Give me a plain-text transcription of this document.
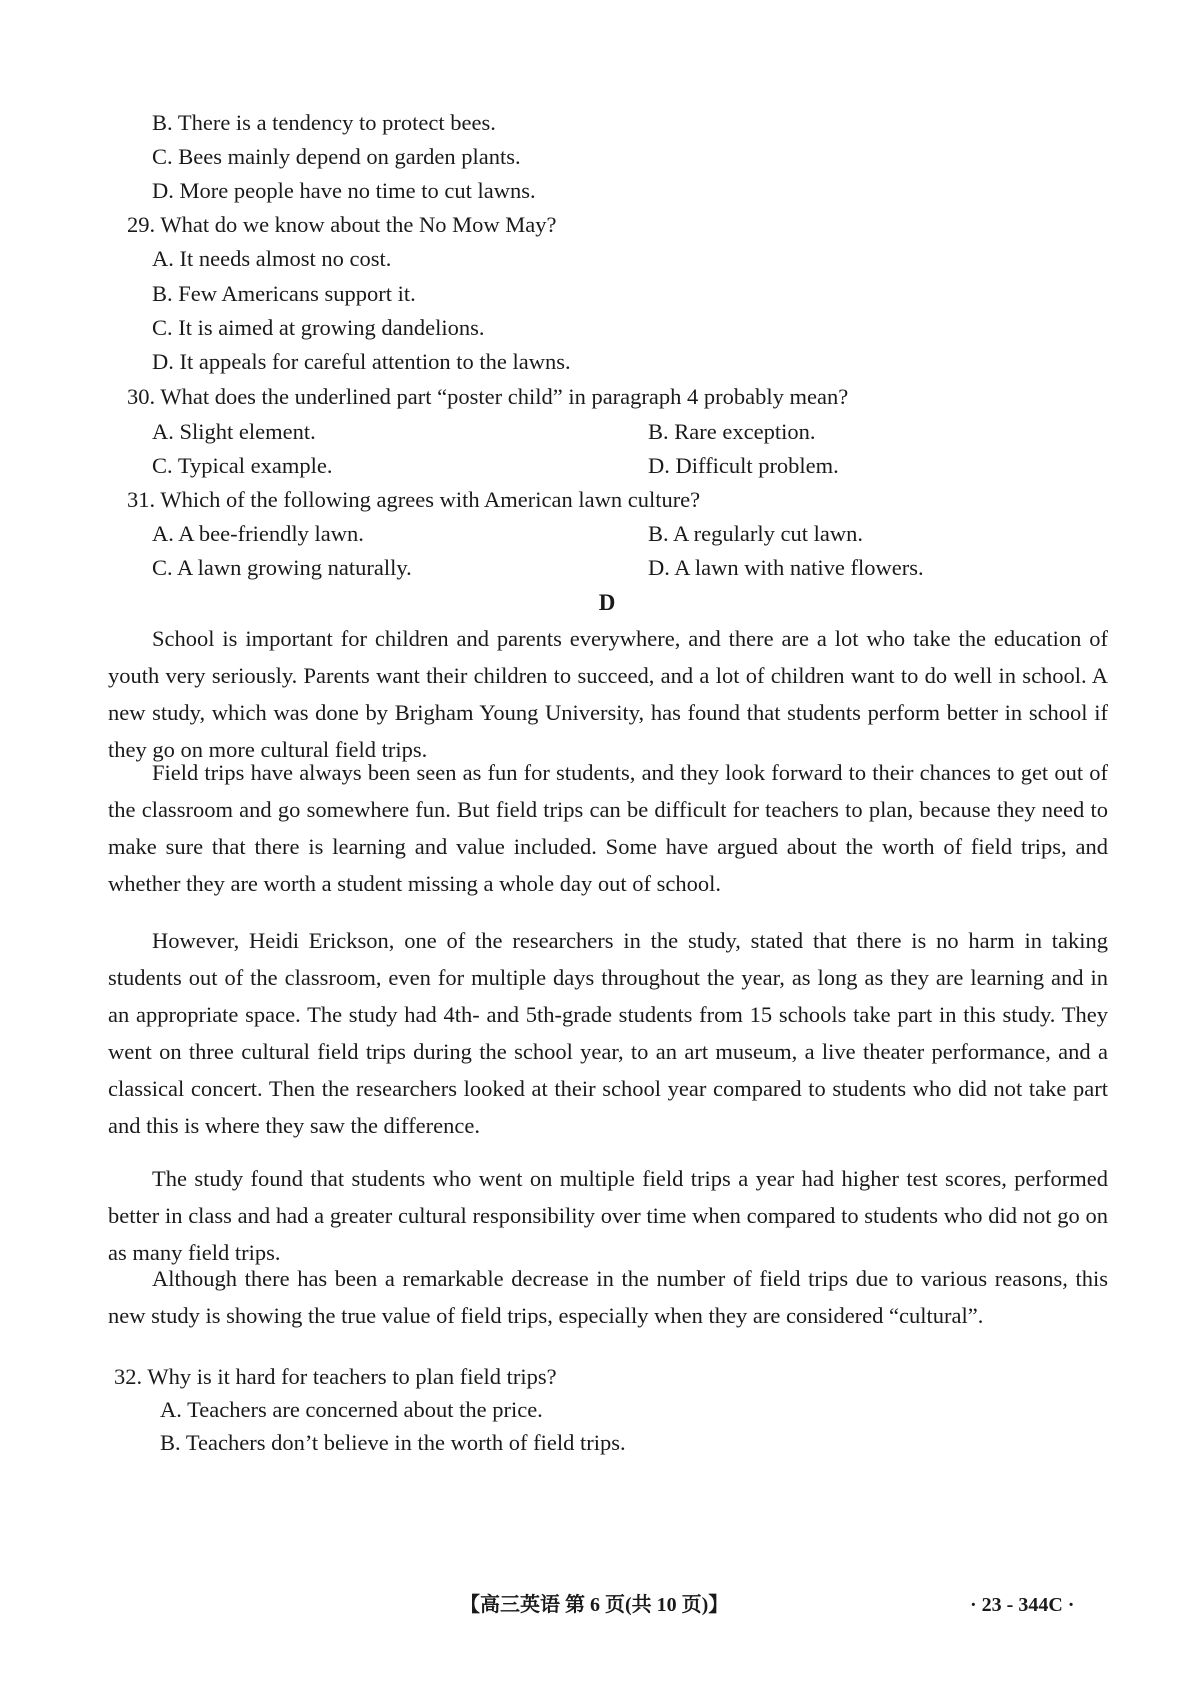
B. There is a tendency to protect bees.
C. Bees mainly depend on garden plants.
D. More people have no time to cut lawns.
29. What do we know about the No Mow May?
A. It needs almost no cost.
B. Few Americans support it.
C. It is aimed at growing dandelions.
D. It appeals for careful attention to the lawns.
30. What does the underlined part “poster child” in paragraph 4 probably mean?
A. Slight element.	B. Rare exception.
C. Typical example.	D. Difficult problem.
31. Which of the following agrees with American lawn culture?
A. A bee-friendly lawn.	B. A regularly cut lawn.
C. A lawn growing naturally.	D. A lawn with native flowers.
D

School is important for children and parents everywhere, and there are a lot who take the education of youth very seriously. Parents want their children to succeed, and a lot of children want to do well in school. A new study, which was done by Brigham Young University, has found that students perform better in school if they go on more cultural field trips.

Field trips have always been seen as fun for students, and they look forward to their chances to get out of the classroom and go somewhere fun. But field trips can be difficult for teachers to plan, because they need to make sure that there is learning and value included. Some have argued about the worth of field trips, and whether they are worth a student missing a whole day out of school.

However, Heidi Erickson, one of the researchers in the study, stated that there is no harm in taking students out of the classroom, even for multiple days throughout the year, as long as they are learning and in an appropriate space. The study had 4th- and 5th-grade students from 15 schools take part in this study. They went on three cultural field trips during the school year, to an art museum, a live theater performance, and a classical concert. Then the researchers looked at their school year compared to students who did not take part and this is where they saw the difference.

The study found that students who went on multiple field trips a year had higher test scores, performed better in class and had a greater cultural responsibility over time when compared to students who did not go on as many field trips.

Although there has been a remarkable decrease in the number of field trips due to various reasons, this new study is showing the true value of field trips, especially when they are considered “cultural”.

32. Why is it hard for teachers to plan field trips?
A. Teachers are concerned about the price.
B. Teachers don’t believe in the worth of field trips.
【高三英语 第 6 页(共 10 页)】	· 23 - 344C ·
